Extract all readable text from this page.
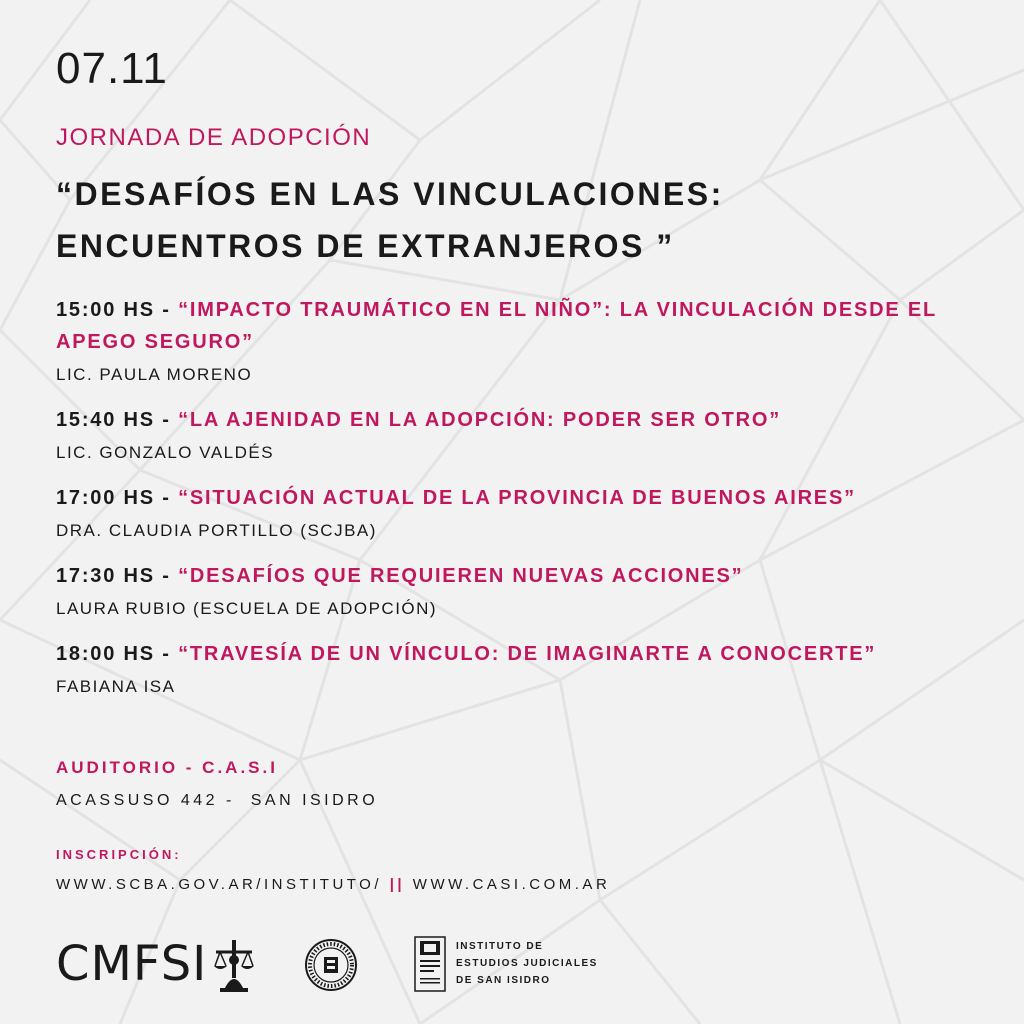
07.11
JORNADA DE ADOPCIÓN
“DESAFÍOS EN LAS VINCULACIONES:
ENCUENTROS DE EXTRANJEROS ”
15:00 HS - “IMPACTO TRAUMÁTICO EN EL NIÑO”: LA VINCULACIÓN DESDE EL APEGO SEGURO”
LIC. PAULA MORENO
15:40 HS - “LA AJENIDAD EN LA ADOPCIÓN: PODER SER OTRO”
LIC. GONZALO VALDÉS
17:00 HS - “SITUACIÓN ACTUAL DE LA PROVINCIA DE BUENOS AIRES”
DRA. CLAUDIA PORTILLO (SCJBA)
17:30 HS - “DESAFÍOS QUE REQUIEREN NUEVAS ACCIONES”
LAURA RUBIO (ESCUELA DE ADOPCIÓN)
18:00 HS - “TRAVESÍA DE UN VÍNCULO: DE IMAGINARTE A CONOCERTE”
FABIANA ISA
AUDITORIO - C.A.S.I
ACASSUSO 442 -  SAN ISIDRO
INSCRIPCIÓN:
WWW.SCBA.GOV.AR/INSTITUTO/ || WWW.CASI.COM.AR
CMFSI	INSTITUTO DE
ESTUDIOS JUDICIALES
DE SAN ISIDRO
